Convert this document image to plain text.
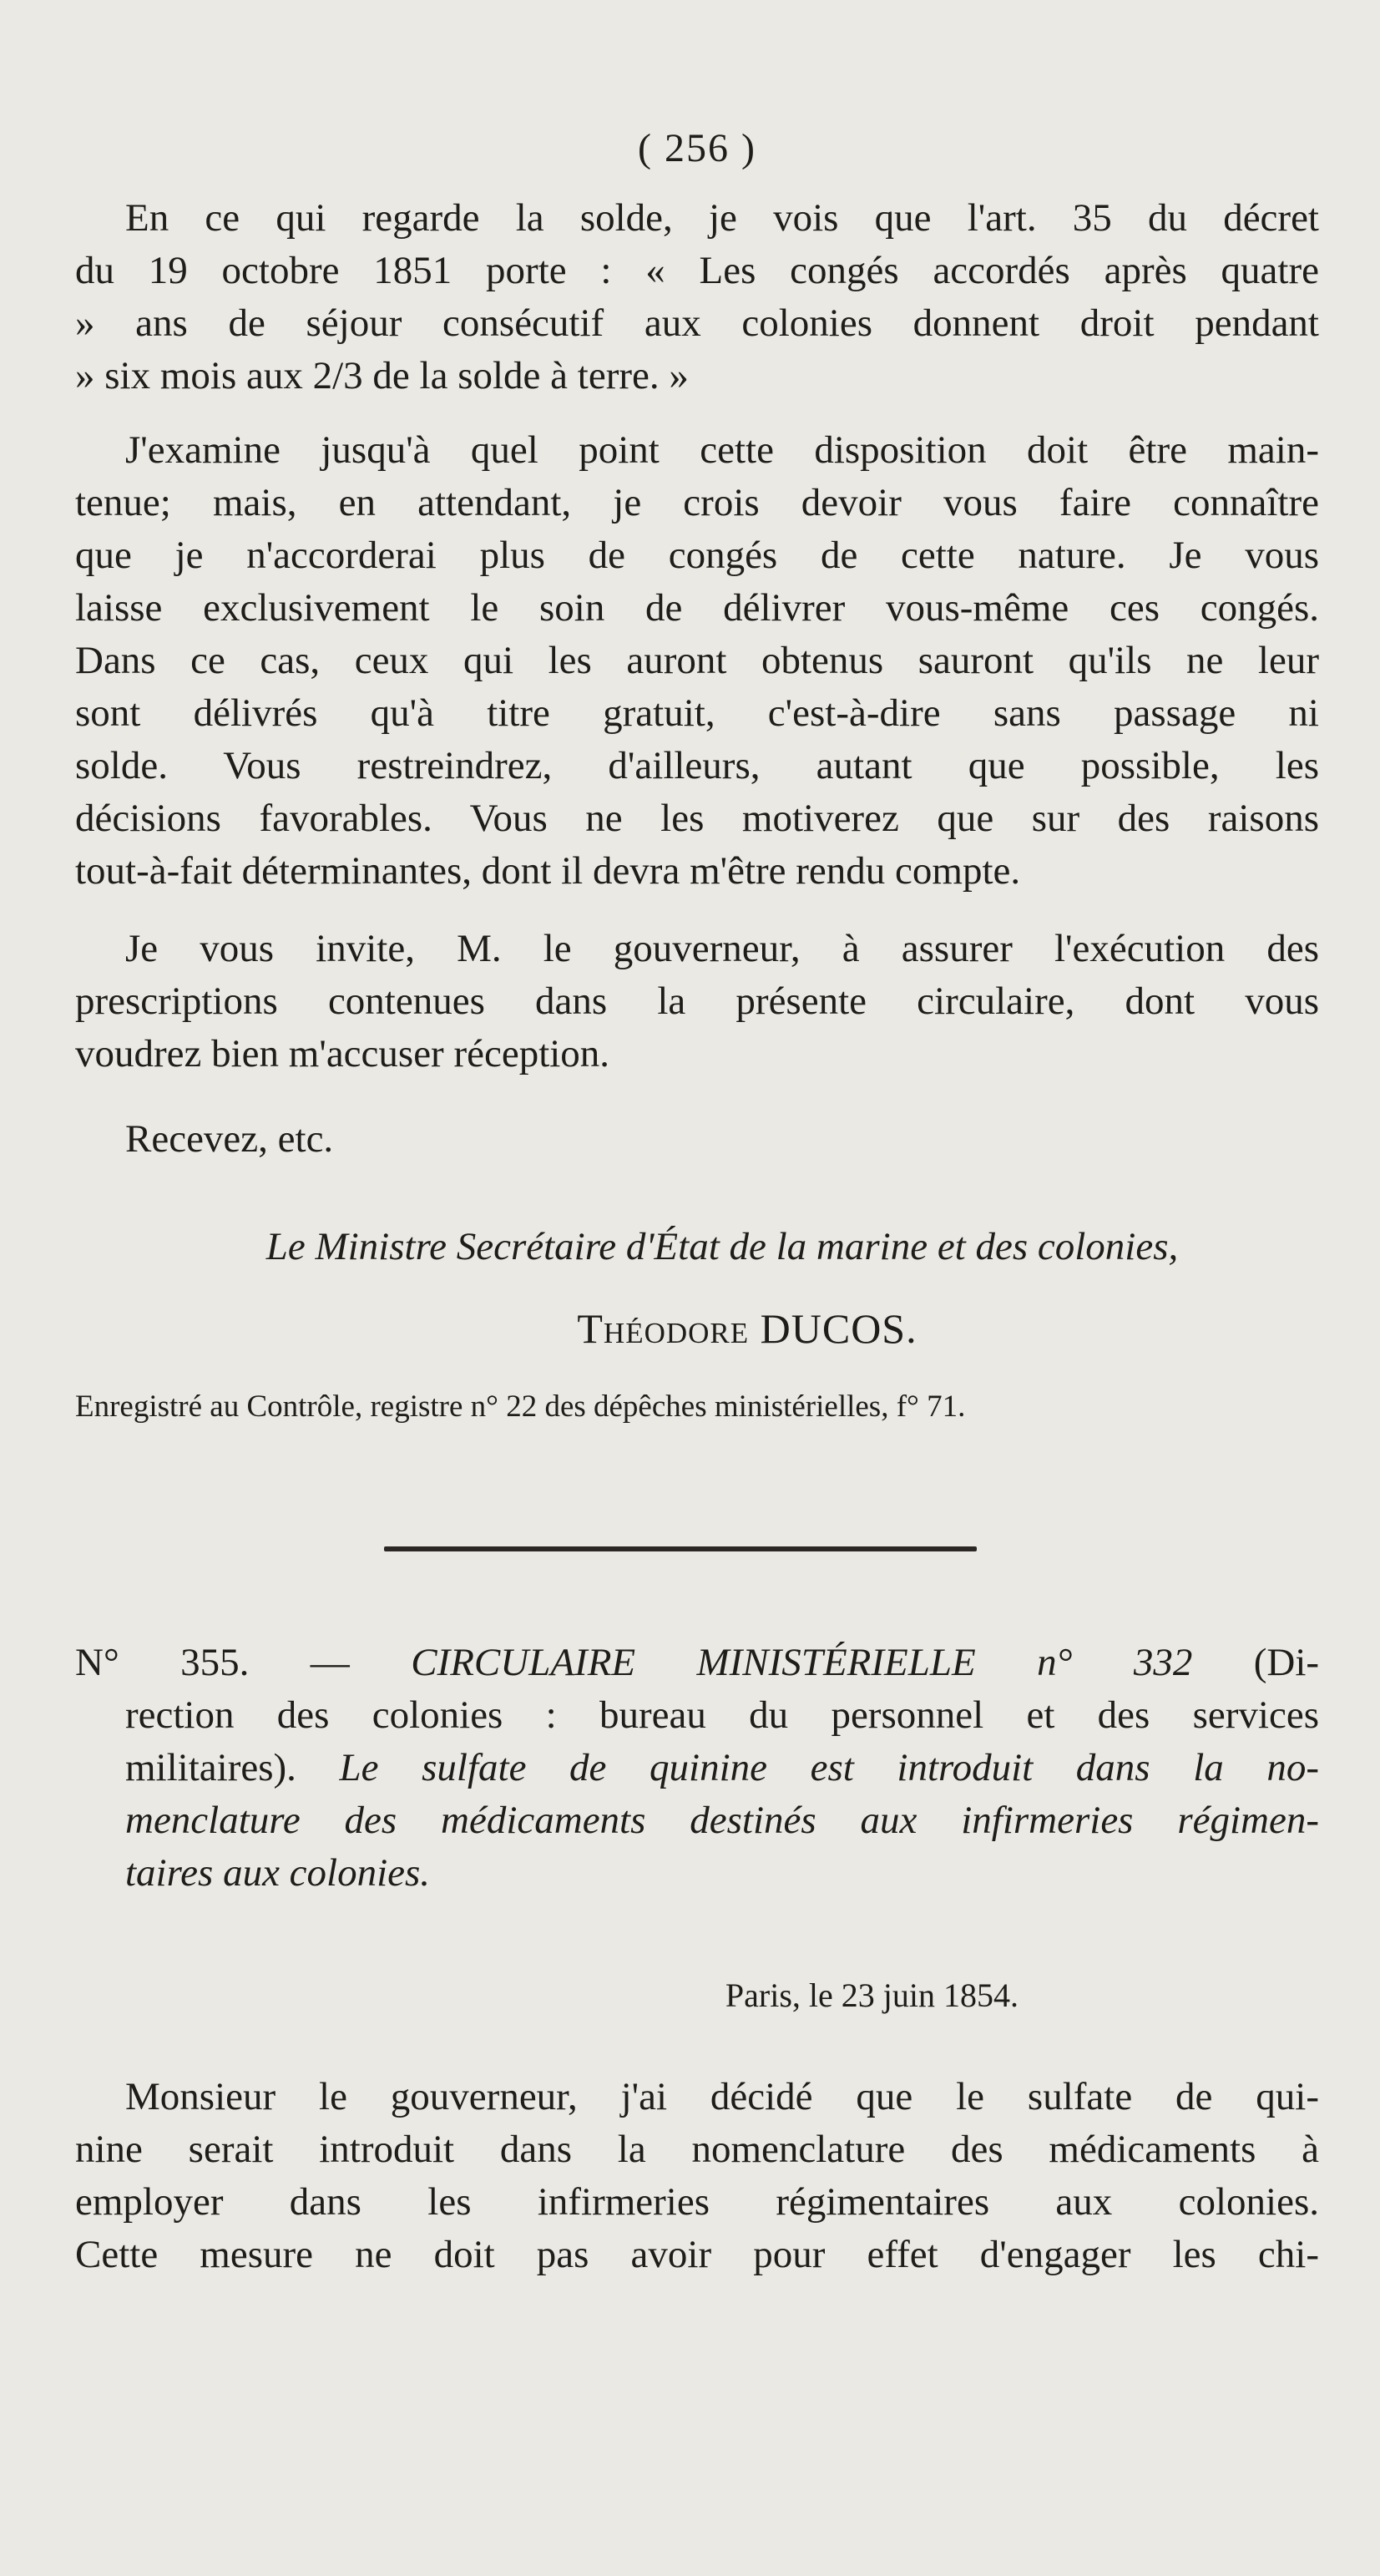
( 256 )

En ce qui regarde la solde, je vois que l'art. 35 du décret
du 19 octobre 1851 porte : « Les congés accordés après quatre
» ans de séjour consécutif aux colonies donnent droit pendant
» six mois aux 2/3 de la solde à terre. »

J'examine jusqu'à quel point cette disposition doit être main-
tenue; mais, en attendant, je crois devoir vous faire connaître
que je n'accorderai plus de congés de cette nature. Je vous
laisse exclusivement le soin de délivrer vous-même ces congés.
Dans ce cas, ceux qui les auront obtenus sauront qu'ils ne leur
sont délivrés qu'à titre gratuit, c'est-à-dire sans passage ni
solde. Vous restreindrez, d'ailleurs, autant que possible, les
décisions favorables. Vous ne les motiverez que sur des raisons
tout-à-fait déterminantes, dont il devra m'être rendu compte.

Je vous invite, M. le gouverneur, à assurer l'exécution des
prescriptions contenues dans la présente circulaire, dont vous
voudrez bien m'accuser réception.

Recevez, etc.

Le Ministre Secrétaire d'État de la marine et des colonies,
Théodore DUCOS.
Enregistré au Contrôle, registre n° 22 des dépêches ministérielles, f° 71.

N° 355. — CIRCULAIRE MINISTÉRIELLE n° 332 (Di-
rection des colonies : bureau du personnel et des services
militaires). Le sulfate de quinine est introduit dans la no-
menclature des médicaments destinés aux infirmeries régimen-
taires aux colonies.

Paris, le 23 juin 1854.

Monsieur le gouverneur, j'ai décidé que le sulfate de qui-
nine serait introduit dans la nomenclature des médicaments à
employer dans les infirmeries régimentaires aux colonies.
Cette mesure ne doit pas avoir pour effet d'engager les chi-
